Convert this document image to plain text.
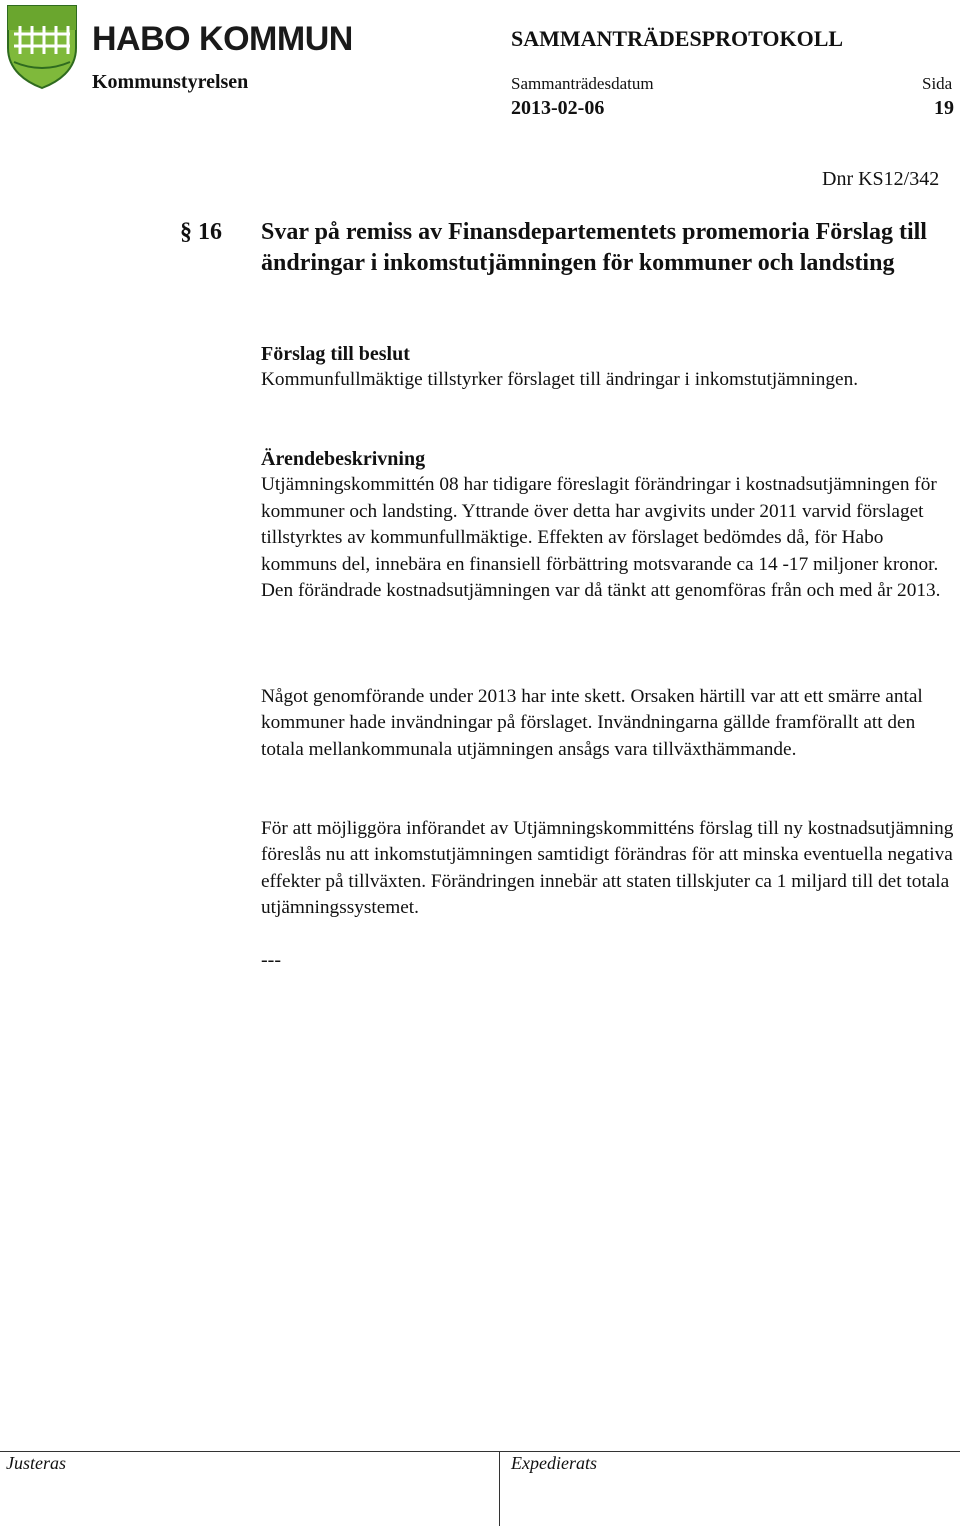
HABO KOMMUN	SAMMANTRÄDESPROTOKOLL
Kommunstyrelsen	Sammanträdesdatum	Sida
2013-02-06	19
Dnr KS12/342
§ 16 Svar på remiss av Finansdepartementets promemoria Förslag till ändringar i inkomstutjämningen för kommuner och landsting
Förslag till beslut

Kommunfullmäktige tillstyrker förslaget till ändringar i inkomstutjämningen.

Ärendebeskrivning

Utjämningskommittén 08 har tidigare föreslagit förändringar i kostnadsutjämningen för kommuner och landsting. Yttrande över detta har avgivits under 2011 varvid förslaget tillstyrktes av kommunfullmäktige. Effekten av förslaget bedömdes då, för Habo kommuns del, innebära en finansiell förbättring motsvarande ca 14 -17 miljoner kronor. Den förändrade kostnadsutjämningen var då tänkt att genomföras från och med år 2013.

Något genomförande under 2013 har inte skett. Orsaken härtill var att ett smärre antal kommuner hade invändningar på förslaget. Invändningarna gällde framförallt att den totala mellankommunala utjämningen ansågs vara tillväxthämmande.

För att möjliggöra införandet av Utjämningskommitténs förslag till ny kostnadsutjämning föreslås nu att inkomstutjämningen samtidigt förändras för att minska eventuella negativa effekter på tillväxten. Förändringen innebär att staten tillskjuter ca 1 miljard till det totala utjämningssystemet.

---
Justeras	Expedierats
